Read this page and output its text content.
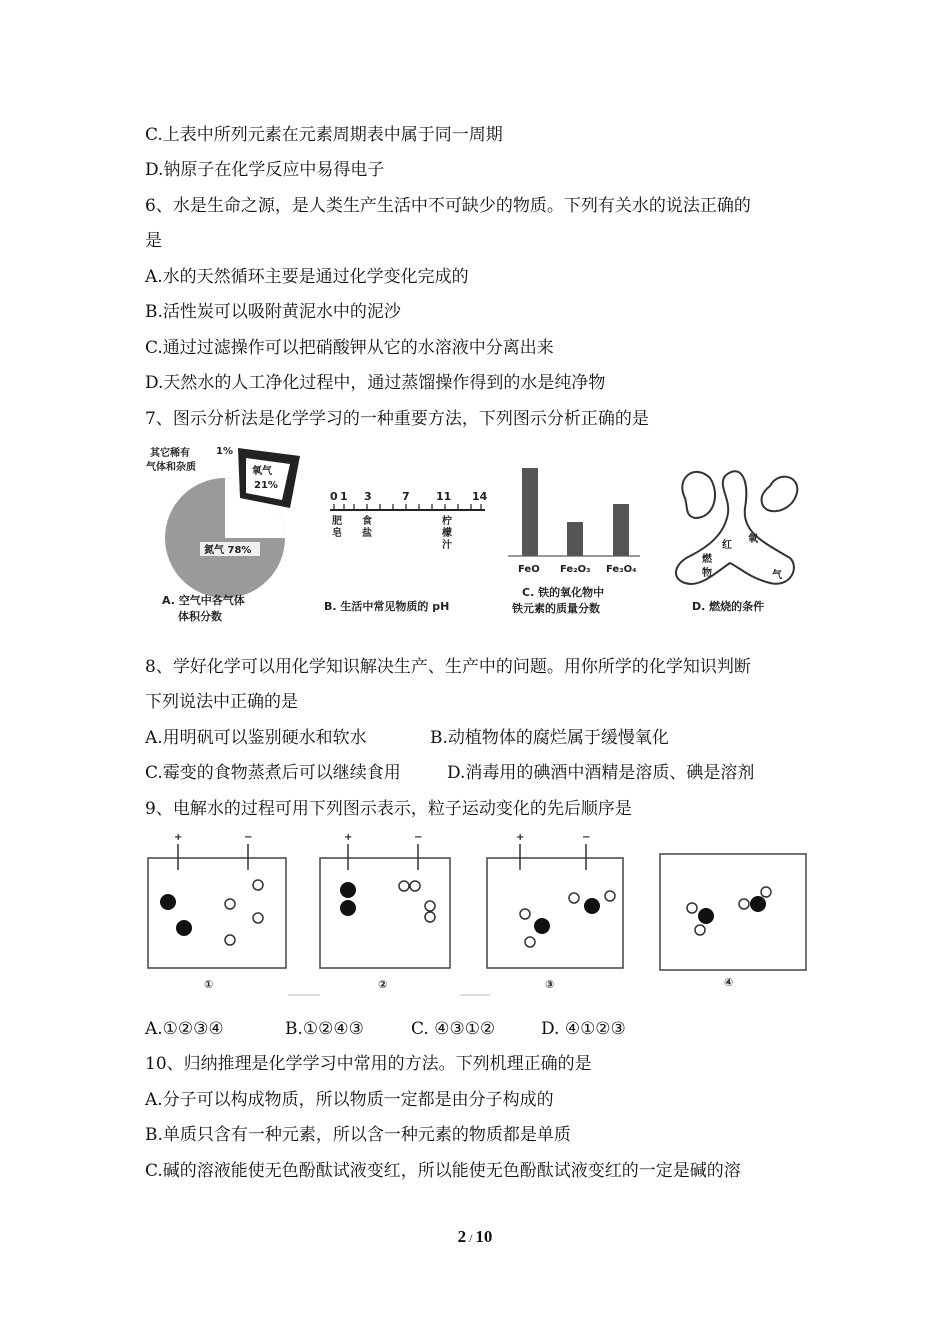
C.上表中所列元素在元素周期表中属于同一周期
D.钠原子在化学反应中易得电子
6、水是生命之源，是人类生产生活中不可缺少的物质。下列有关水的说法正确的
是
A.水的天然循环主要是通过化学变化完成的
B.活性炭可以吸附黄泥水中的泥沙
C.通过过滤操作可以把硝酸钾从它的水溶液中分离出来
D.天然水的人工净化过程中，通过蒸馏操作得到的水是纯净物
7、图示分析法是化学学习的一种重要方法，下列图示分析正确的是
其它稀有
气体和杂质
1%
氧气
21%
氮气 78%
A. 空气中各气体
体积分数
0 1 3	7 11 14
肥
皂
食
盐
柠
檬
汁
B. 生活中常见物质的 pH
FeO Fe₂O₃ Fe₃O₄
C. 铁的氧化物中
铁元素的质量分数
红
氧
燃
物	气
D. 燃烧的条件
8、学好化学可以用化学知识解决生产、生产中的问题。用你所学的化学知识判断
下列说法中正确的是
A.用明矾可以鉴别硬水和软水	B.动植物体的腐烂属于缓慢氧化
C.霉变的食物蒸煮后可以继续食用	D.消毒用的碘酒中酒精是溶质、碘是溶剂
9、电解水的过程可用下列图示表示，粒子运动变化的先后顺序是
+	−
①
+	−
②
+	−
③	④
A.①②③④	B.①②④③	C. ④③①②	D. ④①②③
10、归纳推理是化学学习中常用的方法。下列机理正确的是
A.分子可以构成物质，所以物质一定都是由分子构成的
B.单质只含有一种元素，所以含一种元素的物质都是单质
C.碱的溶液能使无色酚酞试液变红，所以能使无色酚酞试液变红的一定是碱的溶
2 / 10
